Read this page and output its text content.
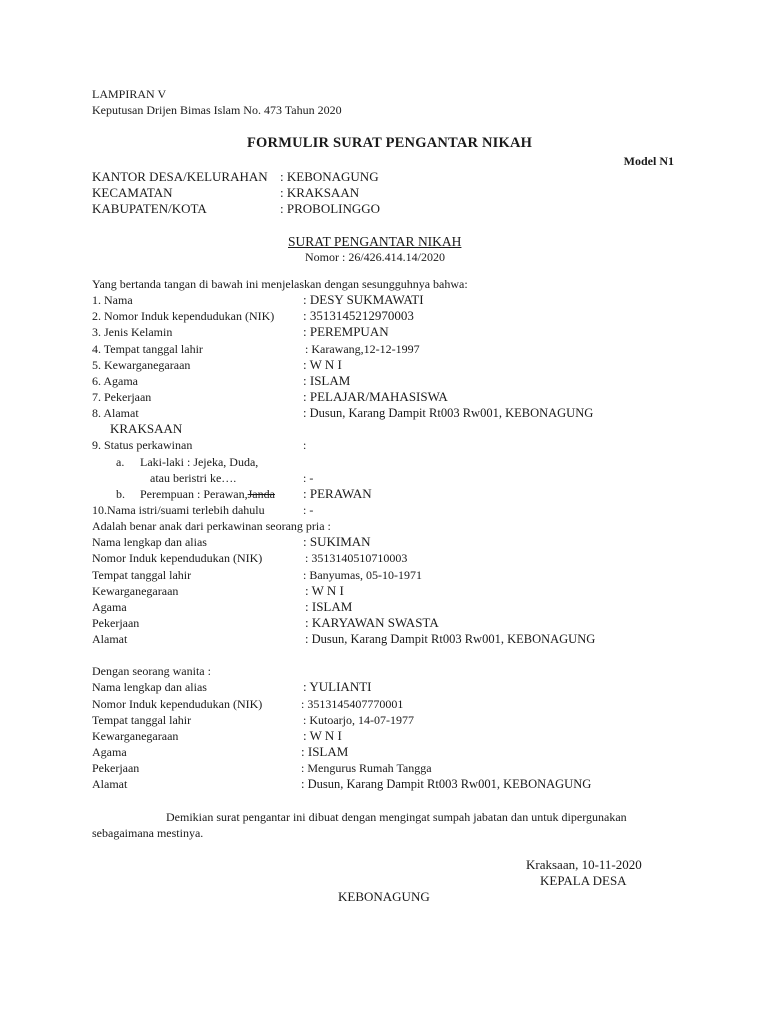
LAMPIRAN V
Keputusan Drijen Bimas Islam No. 473 Tahun 2020
FORMULIR SURAT PENGANTAR NIKAH
Model N1
KANTOR DESA/KELURAHAN : KEBONAGUNG
KECAMATAN	: KRAKSAAN
KABUPATEN/KOTA	: PROBOLINGGO
SURAT PENGANTAR NIKAH
Nomor : 26/426.414.14/2020
Yang bertanda tangan di bawah ini menjelaskan dengan sesungguhnya bahwa:
1. Nama	: DESY SUKMAWATI
2. Nomor Induk kependudukan (NIK) : 3513145212970003
3. Jenis Kelamin	: PEREMPUAN
4. Tempat tanggal lahir	: Karawang,12-12-1997
5. Kewarganegaraan	: W N I
6. Agama	: ISLAM
7. Pekerjaan	: PELAJAR/MAHASISWA
8. Alamat	: Dusun, Karang Dampit Rt003 Rw001, KEBONAGUNG
KRAKSAAN
9. Status perkawinan	:
a. Laki-laki : Jejeka, Duda,
atau beristri ke….	: -
b. Perempuan : Perawan,Janda : PERAWAN
10.Nama istri/suami terlebih dahulu	: -
Adalah benar anak dari perkawinan seorang pria :
Nama lengkap dan alias	: SUKIMAN
Nomor Induk kependudukan (NIK)	: 3513140510710003
Tempat tanggal lahir	: Banyumas, 05-10-1971
Kewarganegaraan	: W N I
Agama	: ISLAM
Pekerjaan	: KARYAWAN SWASTA
Alamat	: Dusun, Karang Dampit Rt003 Rw001, KEBONAGUNG
Dengan seorang wanita :
Nama lengkap dan alias	: YULIANTI
Nomor Induk kependudukan (NIK)	: 3513145407770001
Tempat tanggal lahir	: Kutoarjo, 14-07-1977
Kewarganegaraan	: W N I
Agama	: ISLAM
Pekerjaan	: Mengurus Rumah Tangga
Alamat	: Dusun, Karang Dampit Rt003 Rw001, KEBONAGUNG
Demikian surat pengantar ini dibuat dengan mengingat sumpah jabatan dan untuk dipergunakan
sebagaimana mestinya.
Kraksaan, 10-11-2020
KEPALA DESA
KEBONAGUNG
